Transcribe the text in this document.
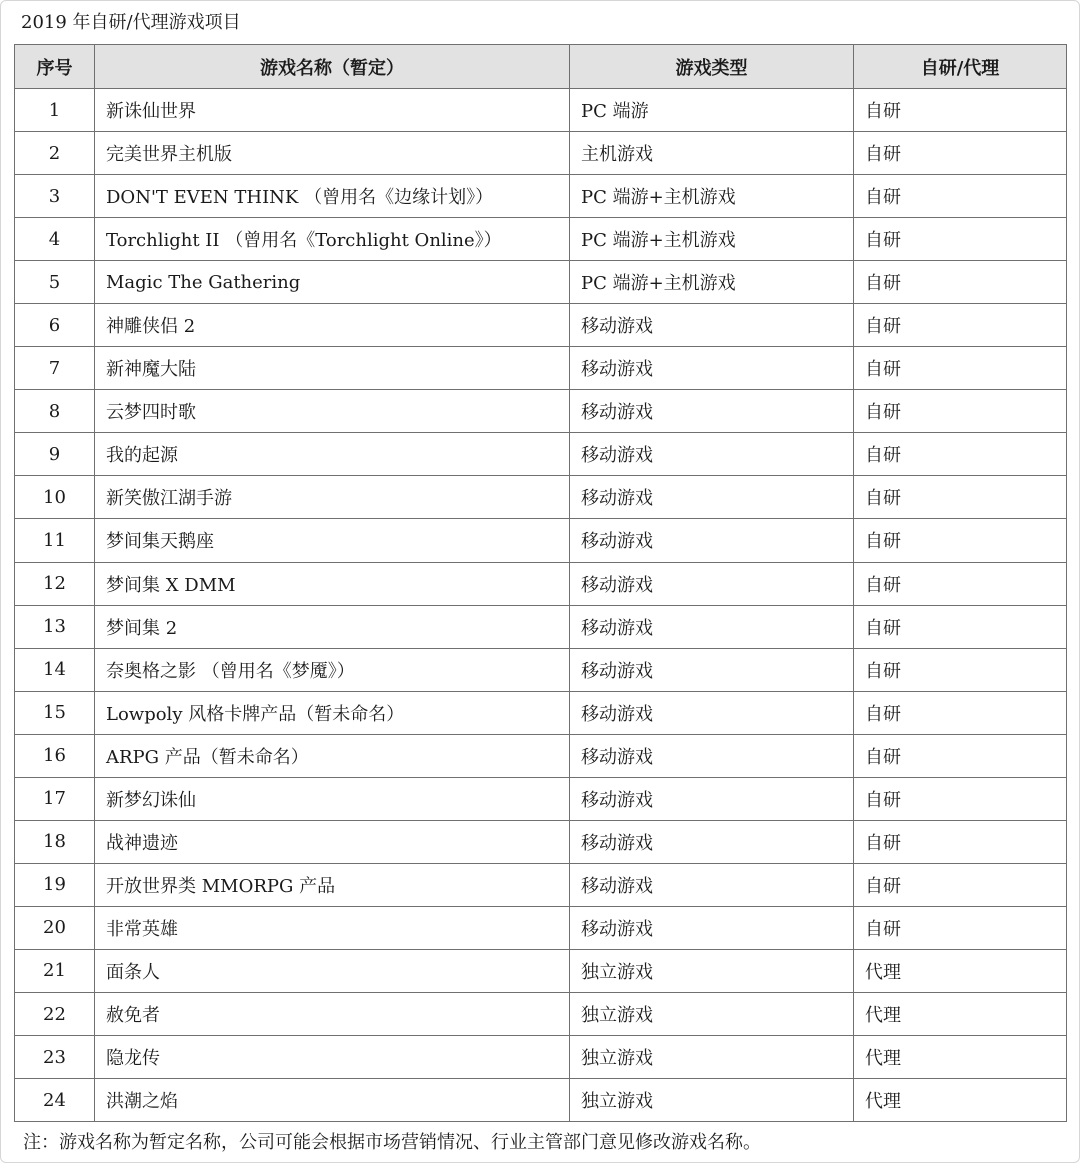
2019 年自研/代理游戏项目
序号	游戏名称（暂定）	游戏类型	自研/代理
1	新诛仙世界	PC 端游	自研
2	完美世界主机版	主机游戏	自研
3	DON'T EVEN THINK （曾用名《边缘计划》）	PC 端游+主机游戏	自研
4	Torchlight II （曾用名《Torchlight Online》）	PC 端游+主机游戏	自研
5	Magic The Gathering	PC 端游+主机游戏	自研
6	神雕侠侣 2	移动游戏	自研
7	新神魔大陆	移动游戏	自研
8	云梦四时歌	移动游戏	自研
9	我的起源	移动游戏	自研
10	新笑傲江湖手游	移动游戏	自研
11	梦间集天鹅座	移动游戏	自研
12	梦间集 X DMM	移动游戏	自研
13	梦间集 2	移动游戏	自研
14	奈奥格之影 （曾用名《梦魇》）	移动游戏	自研
15	Lowpoly 风格卡牌产品（暂未命名）	移动游戏	自研
16	ARPG 产品（暂未命名）	移动游戏	自研
17	新梦幻诛仙	移动游戏	自研
18	战神遗迹	移动游戏	自研
19	开放世界类 MMORPG 产品	移动游戏	自研
20	非常英雄	移动游戏	自研
21	面条人	独立游戏	代理
22	赦免者	独立游戏	代理
23	隐龙传	独立游戏	代理
24	洪潮之焰	独立游戏	代理
注：游戏名称为暂定名称，公司可能会根据市场营销情况、行业主管部门意见修改游戏名称。
